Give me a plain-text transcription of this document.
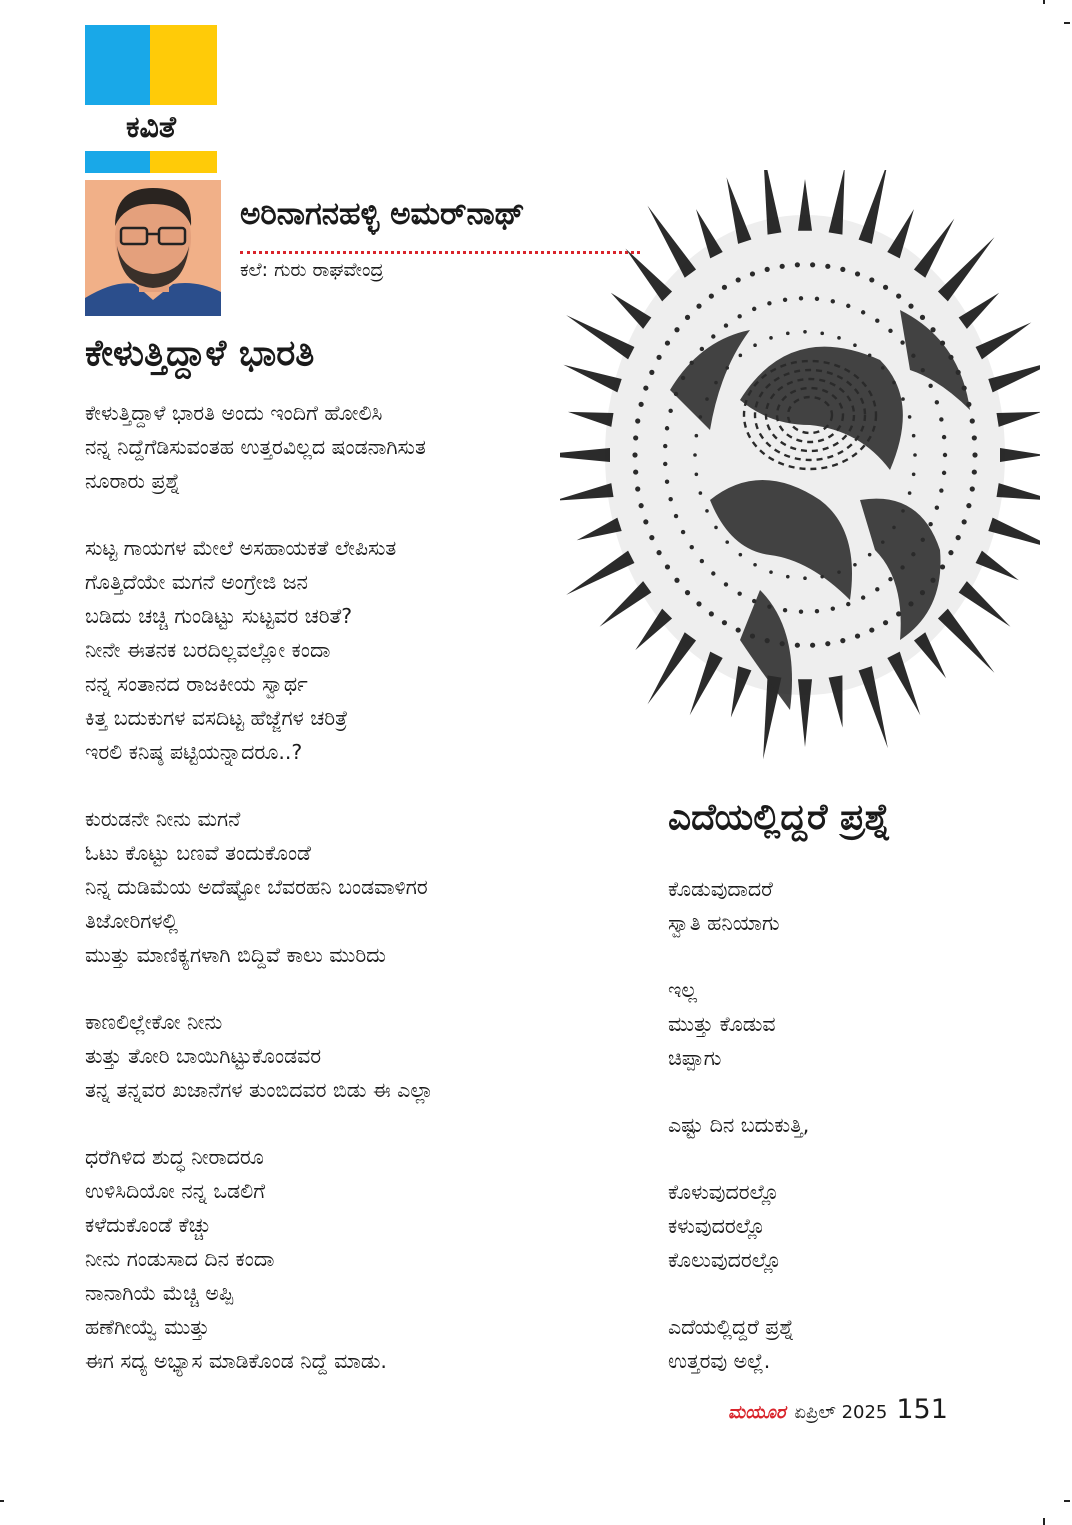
ಕವಿತೆ
ಅರಿನಾಗನಹಳ್ಳಿ ಅಮರ್‌ನಾಥ್
ಕಲೆ: ಗುರು ರಾಘವೇಂದ್ರ
ಕೇಳುತ್ತಿದ್ದಾಳೆ ಭಾರತಿ
ಕೇಳುತ್ತಿದ್ದಾಳೆ ಭಾರತಿ ಅಂದು ಇಂದಿಗೆ ಹೋಲಿಸಿ
ನನ್ನ ನಿದ್ದೆಗೆಡಿಸುವಂತಹ ಉತ್ತರವಿಲ್ಲದ ಷಂಡನಾಗಿಸುತ
ನೂರಾರು ಪ್ರಶ್ನೆ
ಸುಟ್ಟ ಗಾಯಗಳ ಮೇಲೆ ಅಸಹಾಯಕತೆ ಲೇಪಿಸುತ
ಗೊತ್ತಿದೆಯೇ ಮಗನೆ ಅಂಗ್ರೇಜಿ ಜನ
ಬಡಿದು ಚಚ್ಚಿ ಗುಂಡಿಟ್ಟು ಸುಟ್ಟವರ ಚರಿತೆ?
ನೀನೇ ಈತನಕ ಬರದಿಲ್ಲವಲ್ಲೋ ಕಂದಾ
ನನ್ನ ಸಂತಾನದ ರಾಜಕೀಯ ಸ್ವಾರ್ಥ
ಕಿತ್ತ ಬದುಕುಗಳ ವಸದಿಟ್ಟ ಹೆಜ್ಜೆಗಳ ಚರಿತ್ರೆ
ಇರಲಿ ಕನಿಷ್ಠ ಪಟ್ಟಿಯನ್ನಾದರೂ..?
ಕುರುಡನೇ ನೀನು ಮಗನೆ
ಓಟು ಕೊಟ್ಟು ಬಣವೆ ತಂದುಕೊಂಡೆ
ನಿನ್ನ ದುಡಿಮೆಯ ಅದೆಷ್ಟೋ ಬೆವರಹನಿ ಬಂಡವಾಳಿಗರ
ತಿಜೋರಿಗಳಲ್ಲಿ
ಮುತ್ತು ಮಾಣಿಕ್ಯಗಳಾಗಿ ಬಿದ್ದಿವೆ ಕಾಲು ಮುರಿದು
ಕಾಣಲಿಲ್ಲೇಕೋ ನೀನು
ತುತ್ತು ತೋರಿ ಬಾಯಿಗಿಟ್ಟುಕೊಂಡವರ
ತನ್ನ ತನ್ನವರ ಖಜಾನೆಗಳ ತುಂಬಿದವರ ಬಿಡು ಈ ಎಲ್ಲಾ
ಧರೆಗಿಳಿದ ಶುದ್ಧ ನೀರಾದರೂ
ಉಳಿಸಿದಿಯೋ ನನ್ನ ಒಡಲಿಗೆ
ಕಳೆದುಕೊಂಡೆ ಕೆಚ್ಚು
ನೀನು ಗಂಡುಸಾದ ದಿನ ಕಂದಾ
ನಾನಾಗಿಯೆ ಮೆಚ್ಚಿ ಅಪ್ಪಿ
ಹಣೆಗೀಯ್ವೆ ಮುತ್ತು
ಈಗ ಸದ್ಯ ಅಭ್ಯಾಸ ಮಾಡಿಕೊಂಡ ನಿದ್ದೆ ಮಾಡು.
ಎದೆಯಲ್ಲಿದ್ದರೆ ಪ್ರಶ್ನೆ
ಕೊಡುವುದಾದರೆ
ಸ್ವಾತಿ ಹನಿಯಾಗು
ಇಲ್ಲ
ಮುತ್ತು ಕೊಡುವ
ಚಿಪ್ಪಾಗು
ಎಷ್ಟು ದಿನ ಬದುಕುತ್ತಿ,
ಕೊಳುವುದರಲ್ಲೊ
ಕಳುವುದರಲ್ಲೊ
ಕೊಲುವುದರಲ್ಲೊ
ಎದೆಯಲ್ಲಿದ್ದರೆ ಪ್ರಶ್ನೆ
ಉತ್ತರವು ಅಲ್ಲೆ.
ಮಯೂರ ಏಪ್ರಿಲ್ 2025 151
